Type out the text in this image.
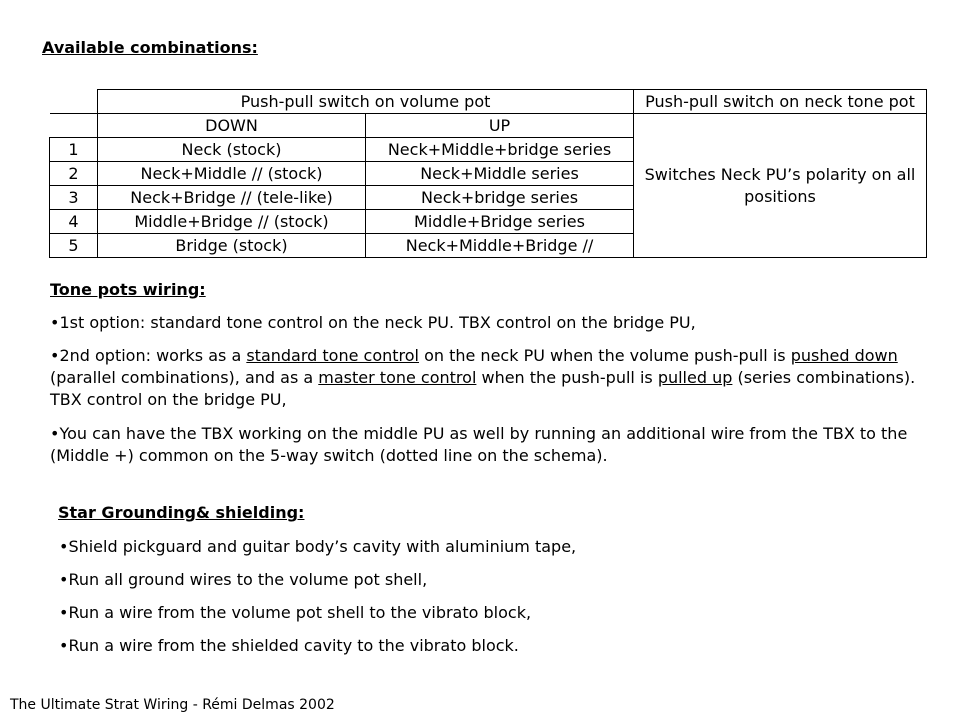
Available combinations:
	Push-pull switch on volume pot		Push-pull switch on neck tone pot
	DOWN	UP	Switches Neck PU’s polarity on all positions
1	Neck (stock)	Neck+Middle+bridge series	
2	Neck+Middle // (stock)	Neck+Middle series	
3	Neck+Bridge // (tele-like)	Neck+bridge series	
4	Middle+Bridge // (stock)	Middle+Bridge series	
5	Bridge (stock)	Neck+Middle+Bridge //	
Tone pots wiring:
•1st option: standard tone control on the neck PU. TBX control on the bridge PU,
•2nd option: works as a standard tone control on the neck PU when the volume push-pull is pushed down (parallel combinations), and as a master tone control when the push-pull is pulled up (series combinations). TBX control on the bridge PU,
•You can have the TBX working on the middle PU as well by running an additional wire from the TBX to the (Middle +) common on the 5-way switch (dotted line on the schema).
Star Grounding& shielding:
•Shield pickguard and guitar body’s cavity with aluminium tape,
•Run all ground wires to the volume pot shell,
•Run a wire from the volume pot shell to the vibrato block,
•Run a wire from the shielded cavity to the vibrato block.
The Ultimate Strat Wiring - Rémi Delmas 2002
